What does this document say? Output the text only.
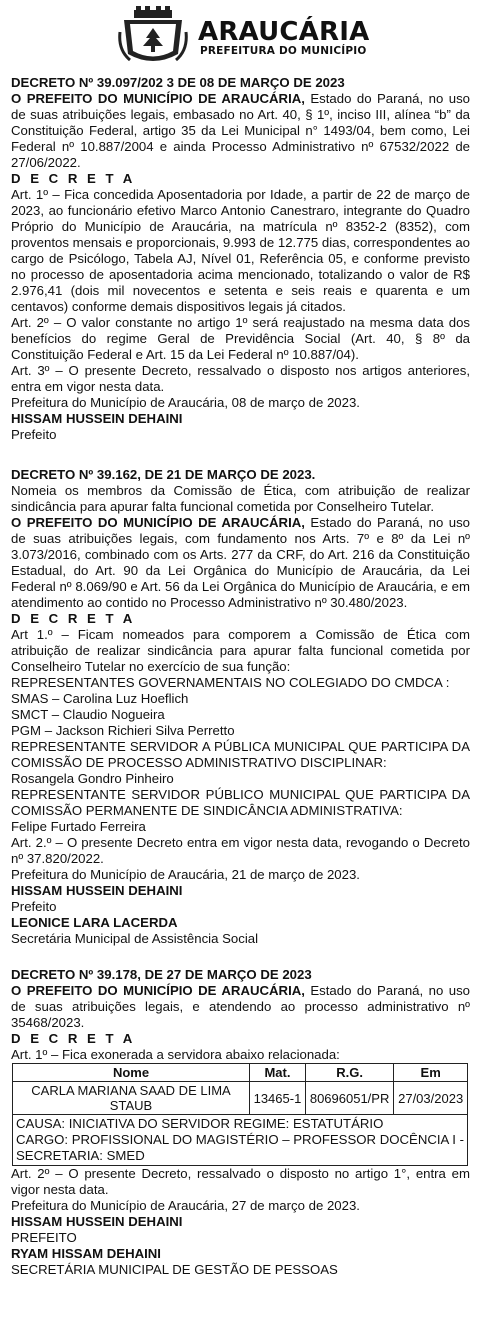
ARAUCÁRIA
PREFEITURA DO MUNICÍPIO

DECRETO Nº 39.097/202 3 DE 08 DE MARÇO DE 2023

O PREFEITO DO MUNICÍPIO DE ARAUCÁRIA, Estado do Paraná, no uso de suas atribuições legais, embasado no Art. 40, § 1º, inciso III, alínea “b” da Constituição Federal, artigo 35 da Lei Municipal n° 1493/04, bem como, Lei Federal nº 10.887/2004 e ainda Processo Administrativo nº 67532/2022 de 27/06/2022.

D E C R E T A

Art. 1º – Fica concedida Aposentadoria por Idade, a partir de 22 de março de 2023, ao funcionário efetivo Marco Antonio Canestraro, integrante do Quadro Próprio do Município de Araucária, na matrícula nº 8352-2 (8352), com proventos mensais e proporcionais, 9.993 de 12.775 dias, correspondentes ao cargo de Psicólogo, Tabela AJ, Nível 01, Referência 05, e conforme previsto no processo de aposentadoria acima mencionado, totalizando o valor de R$ 2.976,41 (dois mil novecentos e setenta e seis reais e quarenta e um centavos) conforme demais dispositivos legais já citados.

Art. 2º – O valor constante no artigo 1º será reajustado na mesma data dos benefícios do regime Geral de Previdência Social (Art. 40, § 8º da Constituição Federal e Art. 15 da Lei Federal nº 10.887/04).

Art. 3º – O presente Decreto, ressalvado o disposto nos artigos anteriores, entra em vigor nesta data.

Prefeitura do Município de Araucária, 08 de março de 2023.

HISSAM HUSSEIN DEHAINI

Prefeito

DECRETO Nº 39.162, DE 21 DE MARÇO DE 2023.

Nomeia os membros da Comissão de Ética, com atribuição de realizar sindicância para apurar falta funcional cometida por Conselheiro Tutelar.

O PREFEITO DO MUNICÍPIO DE ARAUCÁRIA, Estado do Paraná, no uso de suas atribuições legais, com fundamento nos Arts. 7º e 8º da Lei nº 3.073/2016, combinado com os Arts. 277 da CRF, do Art. 216 da Constituição Estadual, do Art. 90 da Lei Orgânica do Município de Araucária, da Lei Federal nº 8.069/90 e Art. 56 da Lei Orgânica do Município de Araucária, e em atendimento ao contido no Processo Administrativo nº 30.480/2023.

D E C R E T A

Art 1.º – Ficam nomeados para comporem a Comissão de Ética com atribuição de realizar sindicância para apurar falta funcional cometida por Conselheiro Tutelar no exercício de sua função:

REPRESENTANTES GOVERNAMENTAIS NO COLEGIADO DO CMDCA :

SMAS – Carolina Luz Hoeflich

SMCT – Claudio Nogueira

PGM – Jackson Richieri Silva Perretto

REPRESENTANTE SERVIDOR A PÚBLICA MUNICIPAL QUE PARTICIPA DA COMISSÃO DE PROCESSO ADMINISTRATIVO DISCIPLINAR:

Rosangela Gondro Pinheiro

REPRESENTANTE SERVIDOR PÚBLICO MUNICIPAL QUE PARTICIPA DA COMISSÃO PERMANENTE DE SINDICÂNCIA ADMINISTRATIVA:

Felipe Furtado Ferreira

Art. 2.º – O presente Decreto entra em vigor nesta data, revogando o Decreto nº 37.820/2022.

Prefeitura do Município de Araucária, 21 de março de 2023.

HISSAM HUSSEIN DEHAINI

Prefeito

LEONICE LARA LACERDA

Secretária Municipal de Assistência Social

DECRETO Nº 39.178, DE 27 DE MARÇO DE 2023

O PREFEITO DO MUNICÍPIO DE ARAUCÁRIA, Estado do Paraná, no uso de suas atribuições legais, e atendendo ao processo administrativo nº 35468/2023.

D E C R E T A

Art. 1º – Fica exonerada a servidora abaixo relacionada:

Nome	Mat.	R.G.	Em
CARLA MARIANA SAAD DE LIMA STAUB	13465-1	80696051/PR	27/03/2023

CAUSA: INICIATIVA DO SERVIDOR REGIME: ESTATUTÁRIO

CARGO: PROFISSIONAL DO MAGISTÉRIO – PROFESSOR DOCÊNCIA I - SECRETARIA: SMED

Art. 2º – O presente Decreto, ressalvado o disposto no artigo 1°, entra em vigor nesta data.

Prefeitura do Município de Araucária, 27 de março de 2023.

HISSAM HUSSEIN DEHAINI

PREFEITO

RYAM HISSAM DEHAINI

SECRETÁRIA MUNICIPAL DE GESTÃO DE PESSOAS
